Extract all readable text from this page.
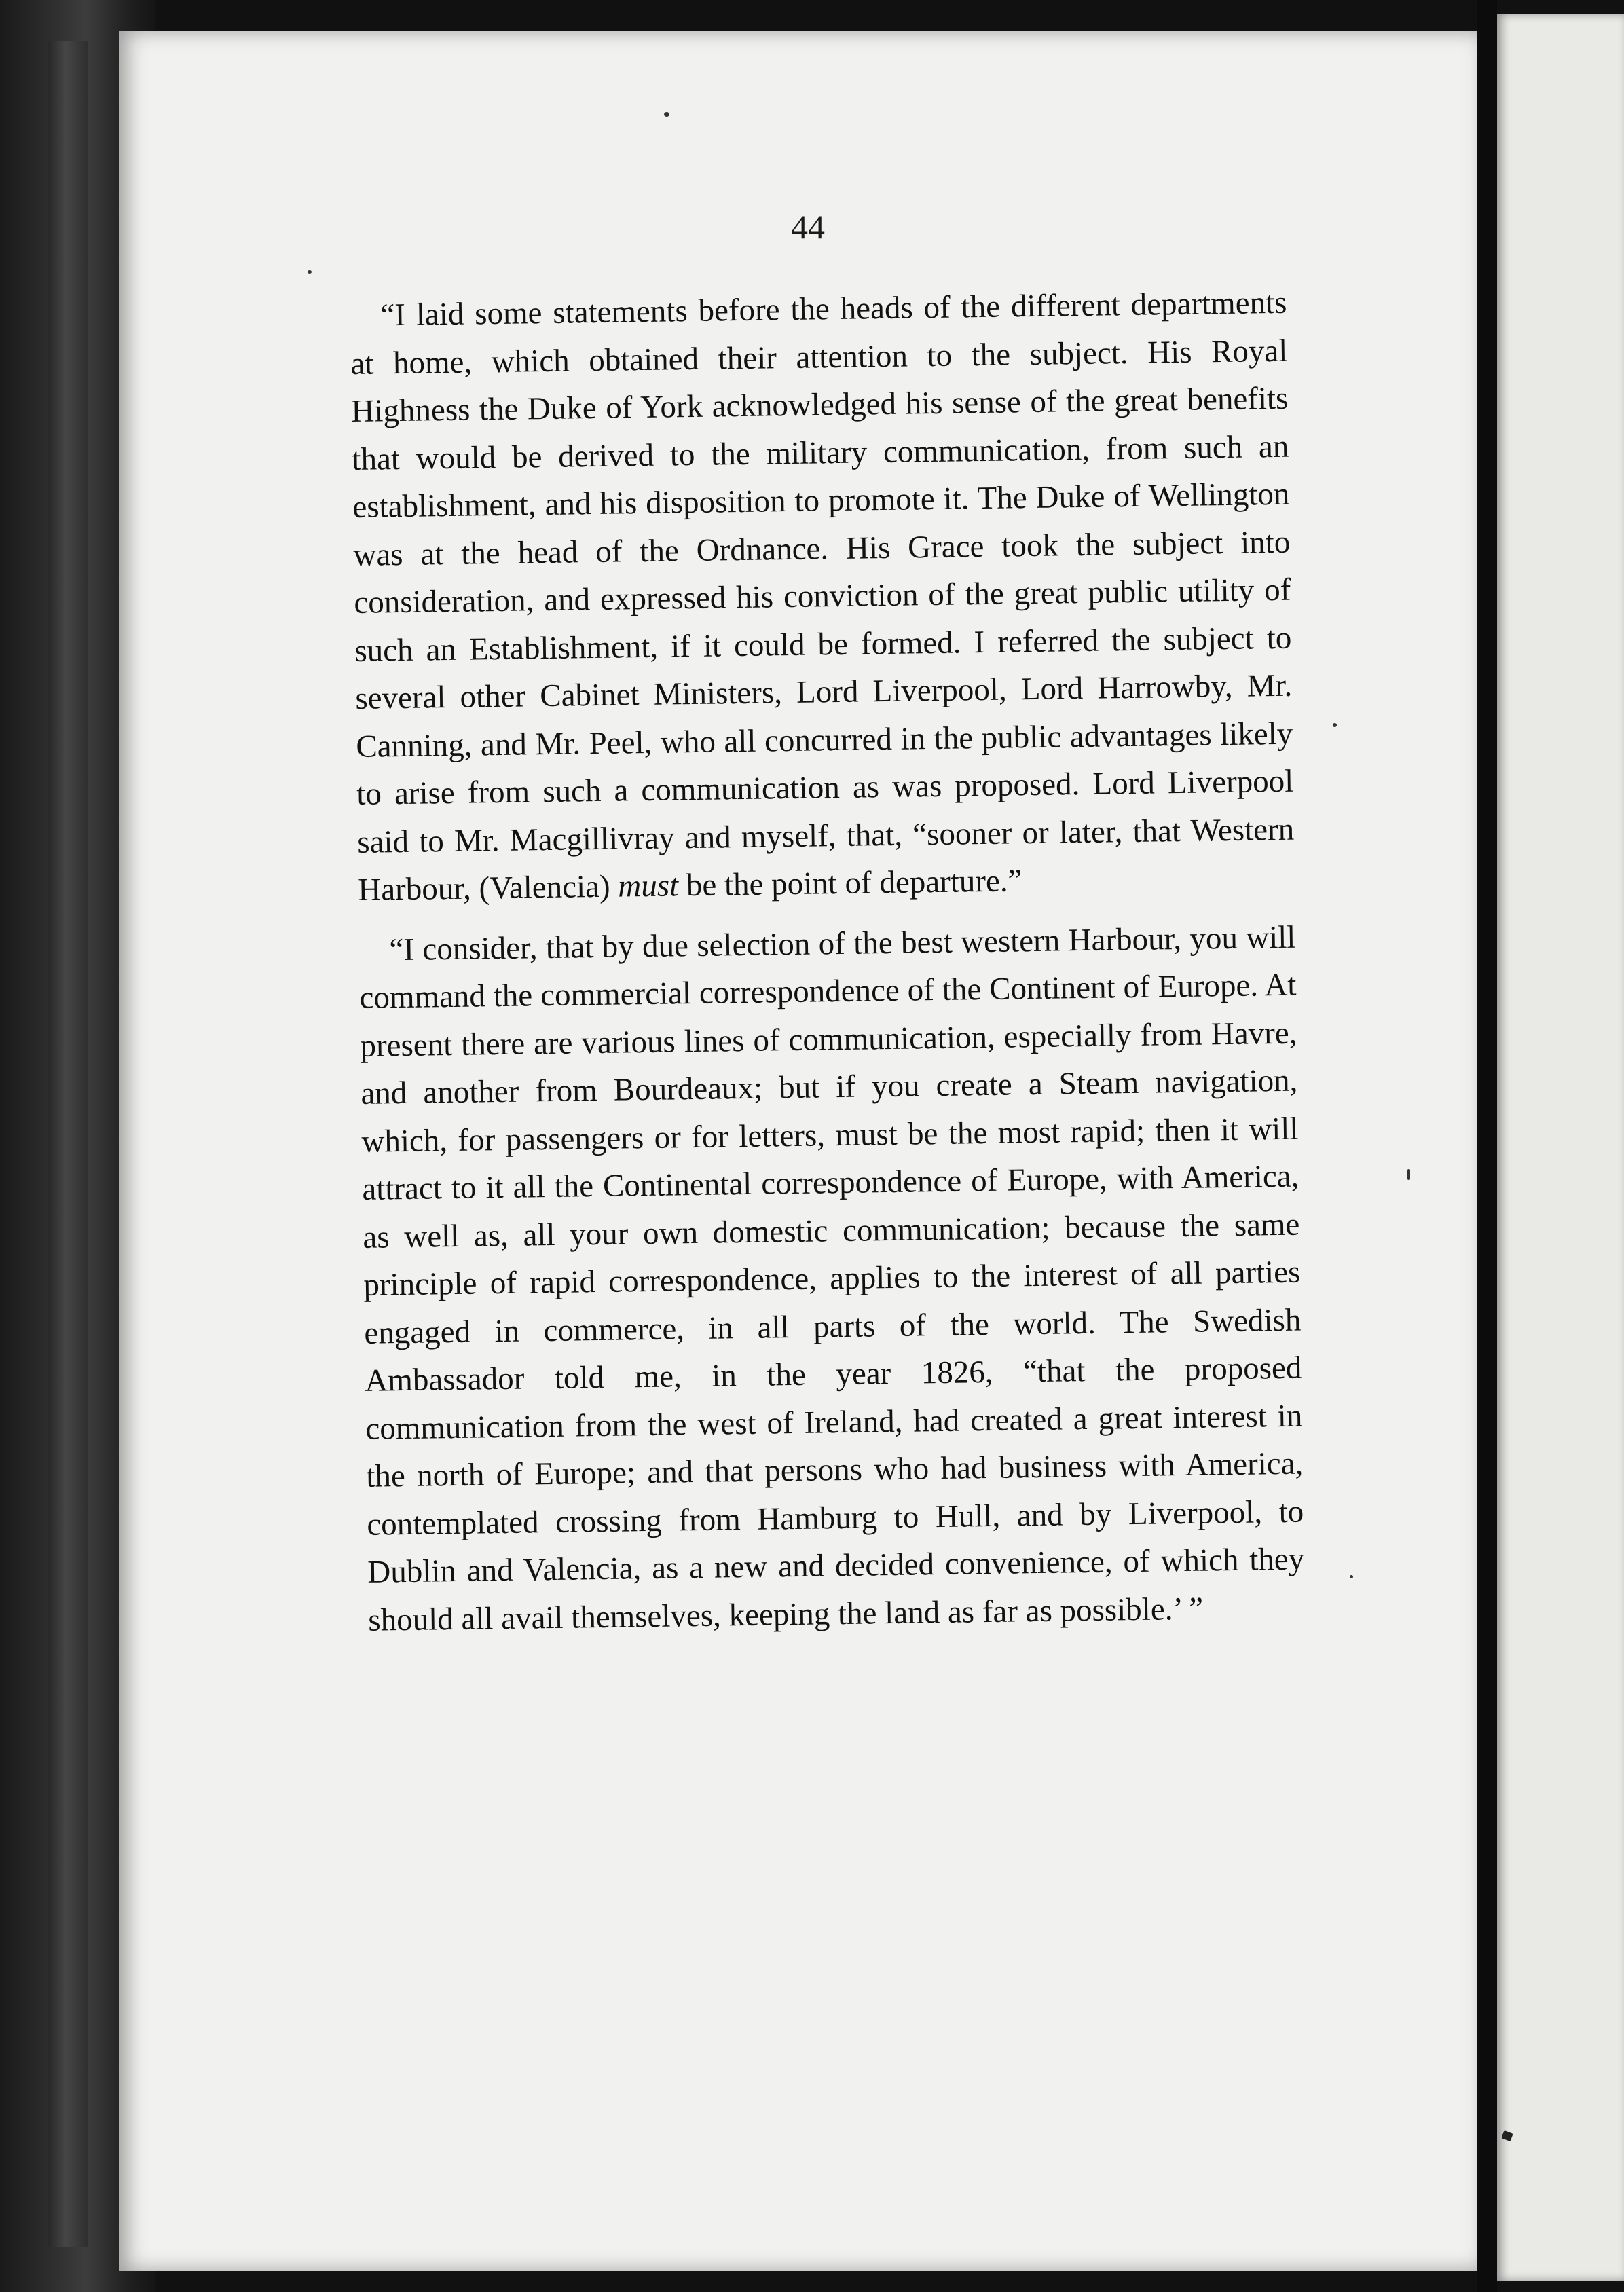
44

“I laid some statements before the heads of the different departments at home, which obtained their attention to the subject. His Royal Highness the Duke of York acknowledged his sense of the great benefits that would be derived to the military communication, from such an establishment, and his disposition to promote it. The Duke of Wellington was at the head of the Ordnance. His Grace took the subject into consideration, and expressed his conviction of the great public utility of such an Establishment, if it could be formed. I referred the subject to several other Cabinet Ministers, Lord Liverpool, Lord Harrowby, Mr. Canning, and Mr. Peel, who all concurred in the public advantages likely to arise from such a communication as was proposed. Lord Liverpool said to Mr. Macgillivray and myself, that, “sooner or later, that Western Harbour, (Valencia) must be the point of departure.”

“I consider, that by due selection of the best western Harbour, you will command the commercial correspondence of the Continent of Europe. At present there are various lines of communication, especially from Havre, and another from Bourdeaux; but if you create a Steam navigation, which, for passengers or for letters, must be the most rapid; then it will attract to it all the Continental correspondence of Europe, with America, as well as, all your own domestic communication; because the same principle of rapid correspondence, applies to the interest of all parties engaged in commerce, in all parts of the world. The Swedish Ambassador told me, in the year 1826, “that the proposed communication from the west of Ireland, had created a great interest in the north of Europe; and that persons who had business with America, contemplated crossing from Hamburg to Hull, and by Liverpool, to Dublin and Valencia, as a new and decided convenience, of which they should all avail themselves, keeping the land as far as possible.’ ”
